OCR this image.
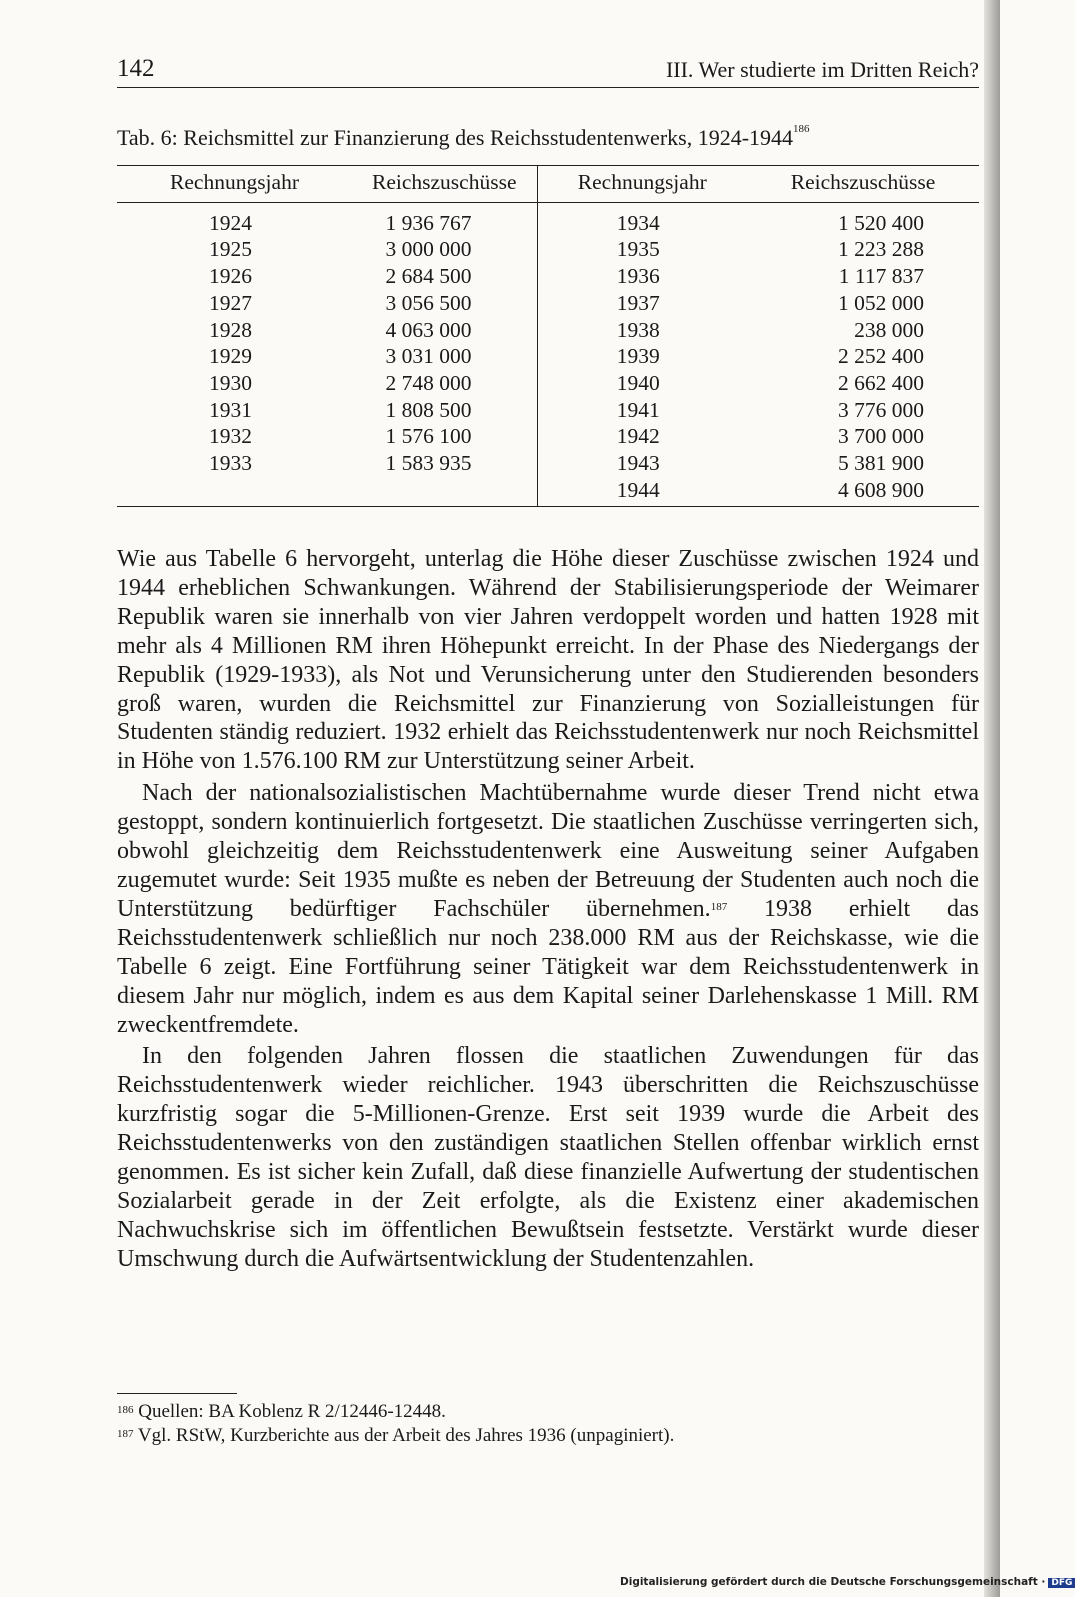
142	III. Wer studierte im Dritten Reich?
Tab. 6: Reichsmittel zur Finanzierung des Reichsstudentenwerks, 1924-1944$^{186}$
Rechnungsjahr	Reichszuschüsse	Rechnungsjahr	Reichszuschüsse
1924	1 936 767	1934	1 520 400
1925	3 000 000	1935	1 223 288
1926	2 684 500	1936	1 117 837
1927	3 056 500	1937	1 052 000
1928	4 063 000	1938	238 000
1929	3 031 000	1939	2 252 400
1930	2 748 000	1940	2 662 400
1931	1 808 500	1941	3 776 000
1932	1 576 100	1942	3 700 000
1933	1 583 935	1943	5 381 900
		1944	4 608 900

Wie aus Tabelle 6 hervorgeht, unterlag die Höhe dieser Zuschüsse zwischen 1924 und 1944 erheblichen Schwankungen. Während der Stabilisierungsperiode der Weimarer Republik waren sie innerhalb von vier Jahren verdoppelt worden und hatten 1928 mit mehr als 4 Millionen RM ihren Höhepunkt erreicht. In der Phase des Niedergangs der Republik (1929-1933), als Not und Verunsicherung unter den Studierenden besonders groß waren, wurden die Reichsmittel zur Finanzierung von Sozialleistungen für Studenten ständig reduziert. 1932 erhielt das Reichsstudentenwerk nur noch Reichsmittel in Höhe von 1.576.100 RM zur Unterstützung seiner Arbeit.

Nach der nationalsozialistischen Machtübernahme wurde dieser Trend nicht etwa gestoppt, sondern kontinuierlich fortgesetzt. Die staatlichen Zuschüsse verringerten sich, obwohl gleichzeitig dem Reichsstudentenwerk eine Ausweitung seiner Aufgaben zugemutet wurde: Seit 1935 mußte es neben der Betreuung der Studenten auch noch die Unterstützung bedürftiger Fachschüler übernehmen.$^{187}$ 1938 erhielt das Reichsstudentenwerk schließlich nur noch 238.000 RM aus der Reichskasse, wie die Tabelle 6 zeigt. Eine Fortführung seiner Tätigkeit war dem Reichsstudentenwerk in diesem Jahr nur möglich, indem es aus dem Kapital seiner Darlehenskasse 1 Mill. RM zweckentfremdete.

In den folgenden Jahren flossen die staatlichen Zuwendungen für das Reichsstudentenwerk wieder reichlicher. 1943 überschritten die Reichszuschüsse kurzfristig sogar die 5-Millionen-Grenze. Erst seit 1939 wurde die Arbeit des Reichsstudentenwerks von den zuständigen staatlichen Stellen offenbar wirklich ernst genommen. Es ist sicher kein Zufall, daß diese finanzielle Aufwertung der studentischen Sozialarbeit gerade in der Zeit erfolgte, als die Existenz einer akademischen Nachwuchskrise sich im öffentlichen Bewußtsein festsetzte. Verstärkt wurde dieser Umschwung durch die Aufwärtsentwicklung der Studentenzahlen.

$^{186}$ Quellen: BA Koblenz R 2/12446-12448.
$^{187}$ Vgl. RStW, Kurzberichte aus der Arbeit des Jahres 1936 (unpaginiert).
Digitalisierung gefördert durch die Deutsche Forschungsgemeinschaft · DFG
